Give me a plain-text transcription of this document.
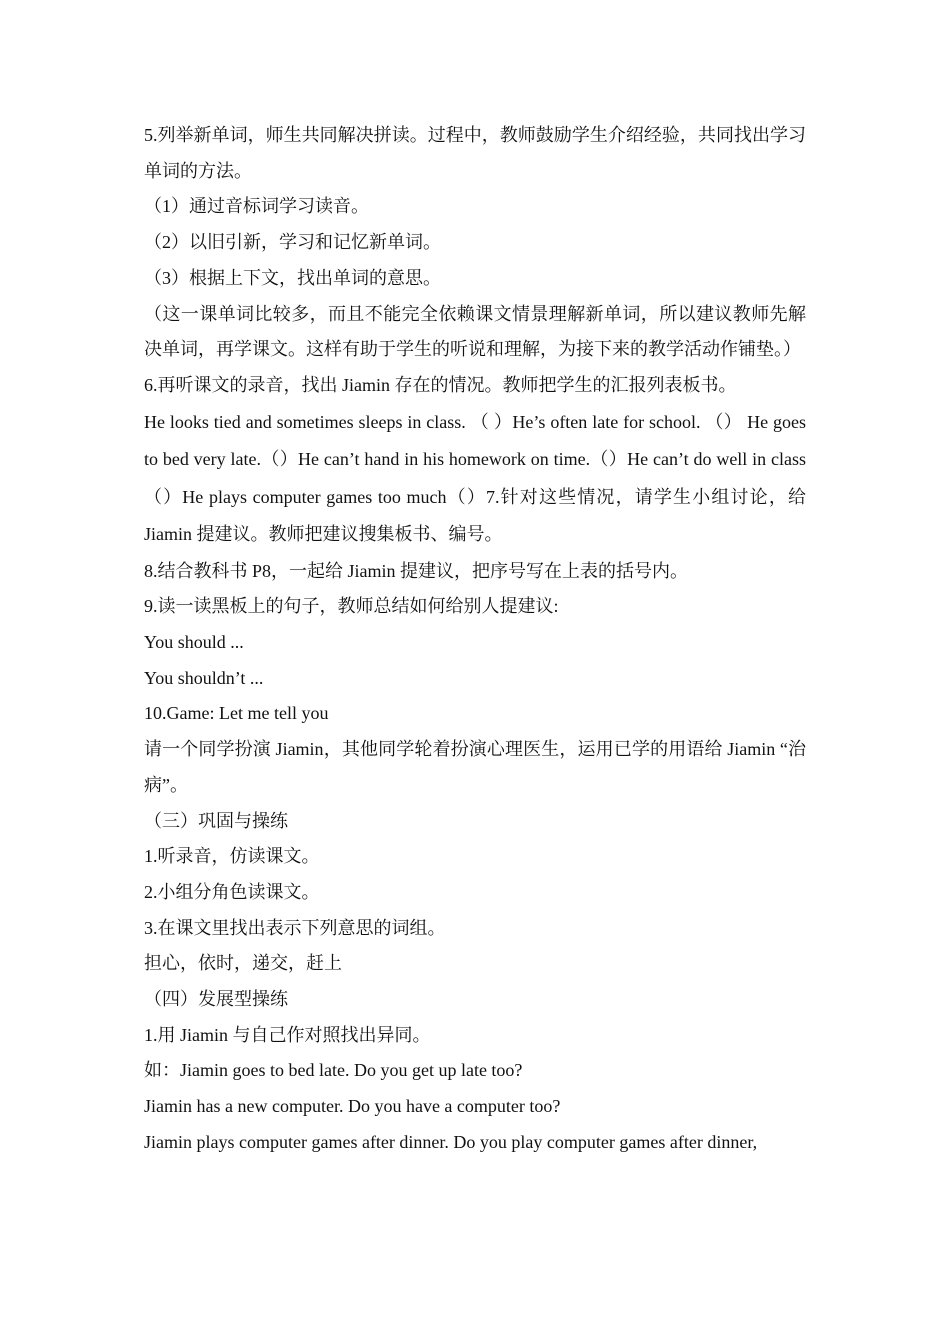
5.列举新单词，师生共同解决拼读。过程中，教师鼓励学生介绍经验，共同找出学习单词的方法。

（1）通过音标词学习读音。

（2）以旧引新，学习和记忆新单词。

（3）根据上下文，找出单词的意思。

（这一课单词比较多，而且不能完全依赖课文情景理解新单词，所以建议教师先解决单词，再学课文。这样有助于学生的听说和理解，为接下来的教学活动作铺垫。）

6.再听课文的录音，找出 Jiamin 存在的情况。教师把学生的汇报列表板书。

He looks tied and sometimes sleeps in class. （ ）He’s often late for school. （） He goes to bed very late.（）He can’t hand in his homework on time.（）He can’t do well in class（）He plays computer games too much（）7.针对这些情况，请学生小组讨论，给 Jiamin 提建议。教师把建议搜集板书、编号。

8.结合教科书 P8，一起给 Jiamin 提建议，把序号写在上表的括号内。

9.读一读黑板上的句子，教师总结如何给别人提建议:

You should ...

You shouldn’t ...

10.Game: Let me tell you

请一个同学扮演 Jiamin，其他同学轮着扮演心理医生，运用已学的用语给 Jiamin “治病”。

（三）巩固与操练

1.听录音，仿读课文。

2.小组分角色读课文。

3.在课文里找出表示下列意思的词组。

担心，依时，递交，赶上

（四）发展型操练

1.用 Jiamin 与自己作对照找出异同。

如：Jiamin goes to bed late. Do you get up late too?

Jiamin has a new computer. Do you have a computer too?

Jiamin plays computer games after dinner. Do you play computer games after dinner,
